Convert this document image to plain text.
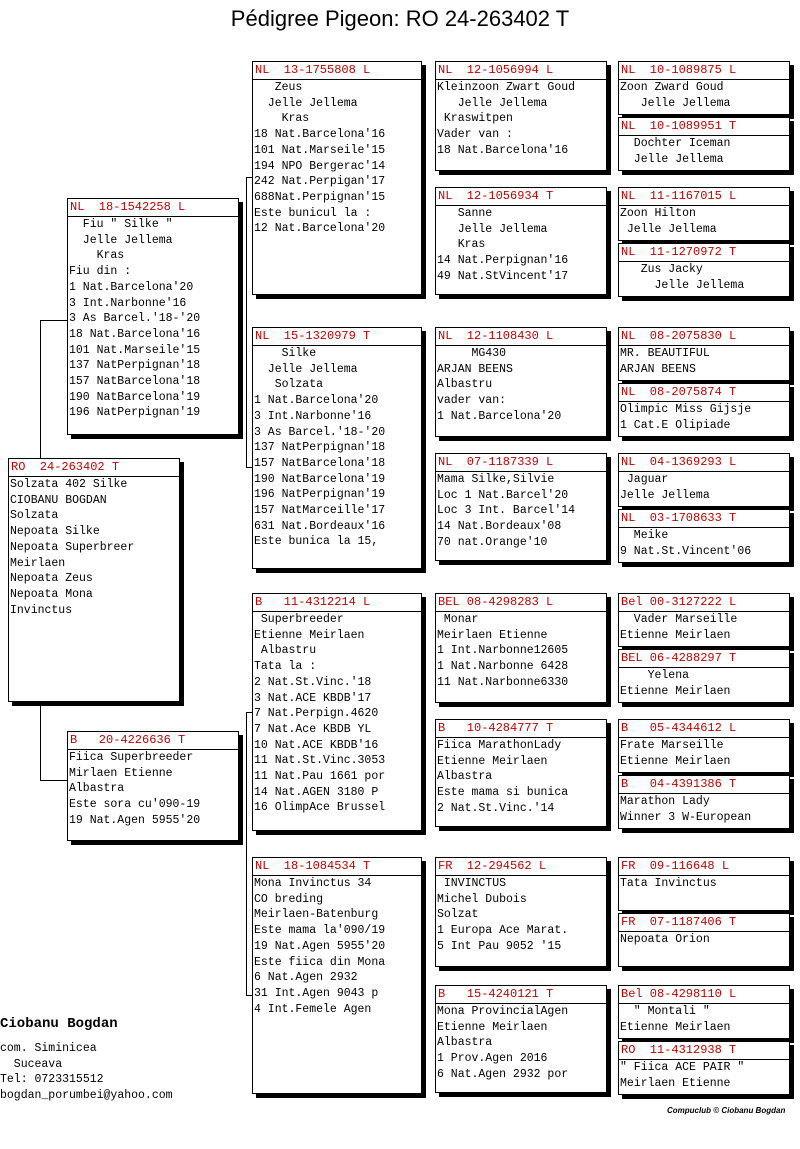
Pédigree Pigeon: RO 24-263402 T
RO  24-263402 T
Solzata 402 Silke
CIOBANU BOGDAN
Solzata
Nepoata Silke
Nepoata Superbreer
Meirlaen
Nepoata Zeus
Nepoata Mona
Invinctus
NL  18-1542258 L
Fiu " Silke "
Jelle Jellema
Kras
Fiu din :
1 Nat.Barcelona'20
3 Int.Narbonne'16
3 As Barcel.'18-'20
18 Nat.Barcelona'16
101 Nat.Marseile'15
137 NatPerpignan'18
157 NatBarcelona'18
190 NatBarcelona'19
196 NatPerpignan'19
B   20-4226636 T
Fiica Superbreeder
Mirlaen Etienne
Albastra
Este sora cu'090-19
19 Nat.Agen 5955'20
NL  13-1755808 L
Zeus
Jelle Jellema
Kras
18 Nat.Barcelona'16
101 Nat.Marseile'15
194 NPO Bergerac'14
242 Nat.Perpigan'17
688Nat.Perpignan'15
Este bunicul la :
12 Nat.Barcelona'20
NL  15-1320979 T
Silke
Jelle Jellema
Solzata
1 Nat.Barcelona'20
3 Int.Narbonne'16
3 As Barcel.'18-'20
137 NatPerpignan'18
157 NatBarcelona'18
190 NatBarcelona'19
196 NatPerpignan'19
157 NatMarceille'17
631 Nat.Bordeaux'16
Este bunica la 15,
B   11-4312214 L
Superbreeder
Etienne Meirlaen
Albastru
Tata la :
2 Nat.St.Vinc.'18
3 Nat.ACE KBDB'17
7 Nat.Perpign.4620
7 Nat.Ace KBDB YL
10 Nat.ACE KBDB'16
11 Nat.St.Vinc.3053
11 Nat.Pau 1661 por
14 Nat.AGEN 3180 P
16 OlimpAce Brussel
NL  18-1084534 T
Mona Invinctus 34
CO breding
Meirlaen-Batenburg
Este mama la'090/19
19 Nat.Agen 5955'20
Este fiica din Mona
6 Nat.Agen 2932
31 Int.Agen 9043 p
4 Int.Femele Agen
NL  12-1056994 L
Kleinzoon Zwart Goud
Jelle Jellema
Kraswitpen
Vader van :
18 Nat.Barcelona'16
NL  12-1056934 T
Sanne
Jelle Jellema
Kras
14 Nat.Perpignan'16
49 Nat.StVincent'17
NL  12-1108430 L
MG430
ARJAN BEENS
Albastru
vader van:
1 Nat.Barcelona'20
NL  07-1187339 L
Mama Silke,Silvie
Loc 1 Nat.Barcel'20
Loc 3 Int. Barcel'14
14 Nat.Bordeaux'08
70 nat.Orange'10
BEL 08-4298283 L
Monar
Meirlaen Etienne
1 Int.Narbonne12605
1 Nat.Narbonne 6428
11 Nat.Narbonne6330
B   10-4284777 T
Fiica MarathonLady
Etienne Meirlaen
Albastra
Este mama si bunica
2 Nat.St.Vinc.'14
FR  12-294562 L
INVINCTUS
Michel Dubois
Solzat
1 Europa Ace Marat.
5 Int Pau 9052 '15
B   15-4240121 T
Mona ProvincialAgen
Etienne Meirlaen
Albastra
1 Prov.Agen 2016
6 Nat.Agen 2932 por
NL  10-1089875 L
Zoon Zward Goud
Jelle Jellema
NL  10-1089951 T
Dochter Iceman
Jelle Jellema
NL  11-1167015 L
Zoon Hilton
Jelle Jellema
NL  11-1270972 T
Zus Jacky
Jelle Jellema
NL  08-2075830 L
MR. BEAUTIFUL
ARJAN BEENS
NL  08-2075874 T
Olimpic Miss Gijsje
1 Cat.E Olipiade
NL  04-1369293 L
Jaguar
Jelle Jellema
NL  03-1708633 T
Meike
9 Nat.St.Vincent'06
Bel 00-3127222 L
Vader Marseille
Etienne Meirlaen
BEL 06-4288297 T
Yelena
Etienne Meirlaen
B   05-4344612 L
Frate Marseille
Etienne Meirlaen
B   04-4391386 T
Marathon Lady
Winner 3 W-European
FR  09-116648 L
Tata Invinctus
FR  07-1187406 T
Nepoata Orion
Bel 08-4298110 L
" Montali "
Etienne Meirlaen
RO  11-4312938 T
" Fiica ACE PAIR "
Meirlaen Etienne
Ciobanu Bogdan
com. Siminicea
Suceava
Tel: 0723315512
bogdan_porumbei@yahoo.com
Compuclub © Ciobanu Bogdan
